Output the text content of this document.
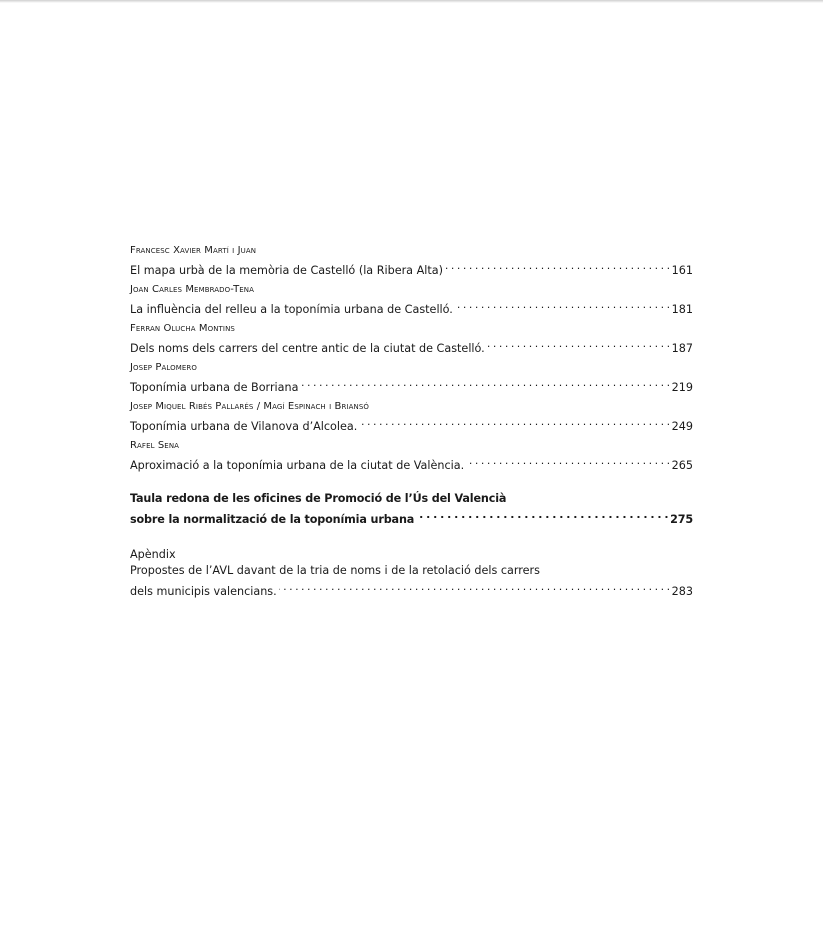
Francesc Xavier Martí i Juan
El mapa urbà de la memòria de Castelló (la Ribera Alta) . . .	161
Joan Carles Membrado-Tena
La influència del relleu a la toponímia urbana de Castelló. . . .	181
Ferran Olucha Montins
Dels noms dels carrers del centre antic de la ciutat de Castelló. . . .	187
Josep Palomero
Toponímia urbana de Borriana . . .	219
Josep Miquel Ribés Pallarés / Magí Espinach i Briansó
Toponímia urbana de Vilanova d’Alcolea. . . .	249
Rafel Sena
Aproximació a la toponímia urbana de la ciutat de València. . . .	265
Taula redona de les oficines de Promoció de l’Ús del Valencià
sobre la normalització de la toponímia urbana . . .	275
Apèndix
Propostes de l’AVL davant de la tria de noms i de la retolació dels carrers
dels municipis valencians. . . .	283
